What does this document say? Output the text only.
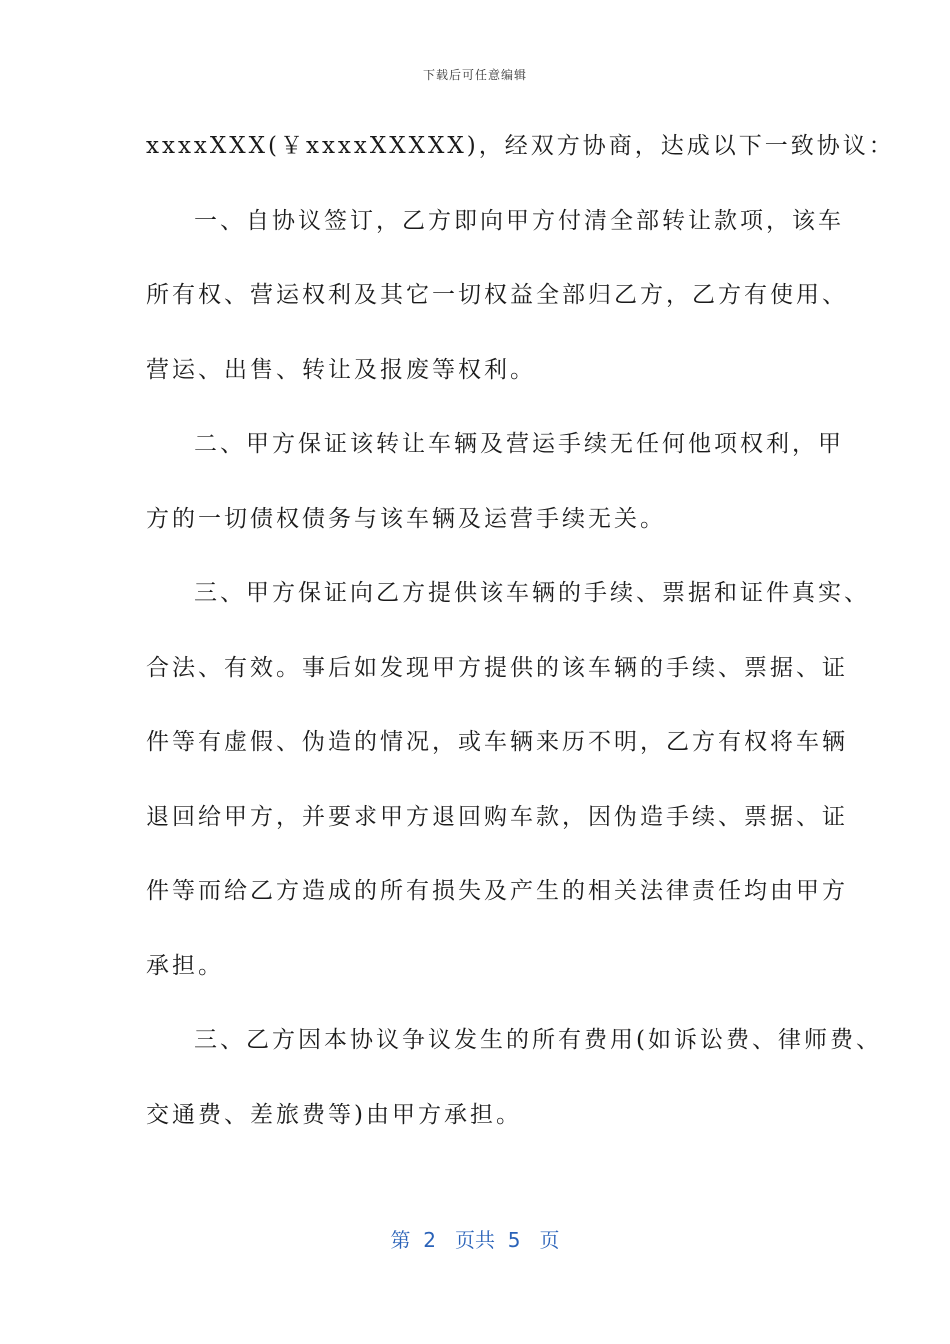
下载后可任意编辑
xxxxXXX(￥xxxxXXXXX)，经双方协商，达成以下一致协议：
一、自协议签订，乙方即向甲方付清全部转让款项，该车
所有权、营运权利及其它一切权益全部归乙方，乙方有使用、
营运、出售、转让及报废等权利。
二、甲方保证该转让车辆及营运手续无任何他项权利，甲
方的一切债权债务与该车辆及运营手续无关。
三、甲方保证向乙方提供该车辆的手续、票据和证件真实、
合法、有效。事后如发现甲方提供的该车辆的手续、票据、证
件等有虚假、伪造的情况，或车辆来历不明，乙方有权将车辆
退回给甲方，并要求甲方退回购车款，因伪造手续、票据、证
件等而给乙方造成的所有损失及产生的相关法律责任均由甲方
承担。
三、乙方因本协议争议发生的所有费用(如诉讼费、律师费、
交通费、差旅费等)由甲方承担。
第 2 页共 5 页
